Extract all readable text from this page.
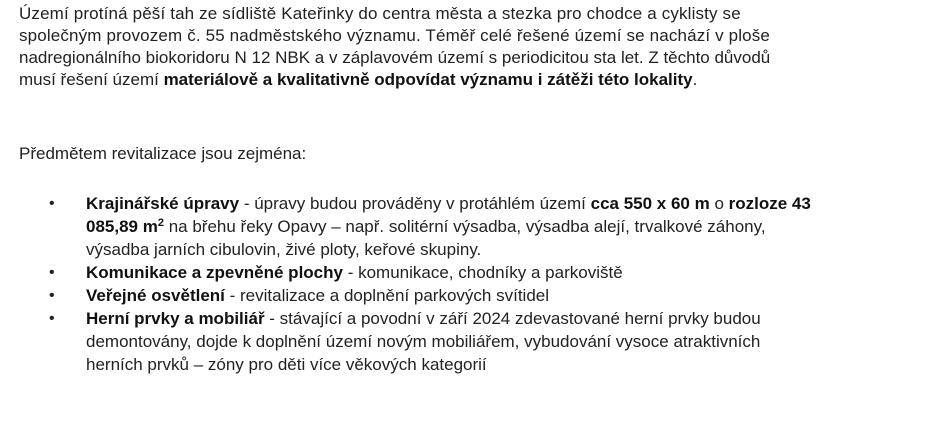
Území protíná pěší tah ze sídliště Kateřinky do centra města a stezka pro chodce a cyklisty se
společným provozem č. 55 nadměstského významu. Téměř celé řešené území se nachází v ploše
nadregionálního biokoridoru N 12 NBK a v záplavovém území s periodicitou sta let. Z těchto důvodů
musí řešení území materiálově a kvalitativně odpovídat významu i zátěži této lokality.

Předmětem revitalizace jsou zejména:

• Krajinářské úpravy - úpravy budou prováděny v protáhlém území cca 550 x 60 m o rozloze 43
085,89 $m^2$ na břehu řeky Opavy – např. solitérní výsadba, výsadba alejí, trvalkové záhony,
výsadba jarních cibulovin, živé ploty, keřové skupiny.
• Komunikace a zpevněné plochy - komunikace, chodníky a parkoviště
• Veřejné osvětlení - revitalizace a doplnění parkových svítidel
• Herní prvky a mobiliář - stávající a povodní v září 2024 zdevastované herní prvky budou
demontovány, dojde k doplnění území novým mobiliářem, vybudování vysoce atraktivních
herních prvků – zóny pro děti více věkových kategorií
